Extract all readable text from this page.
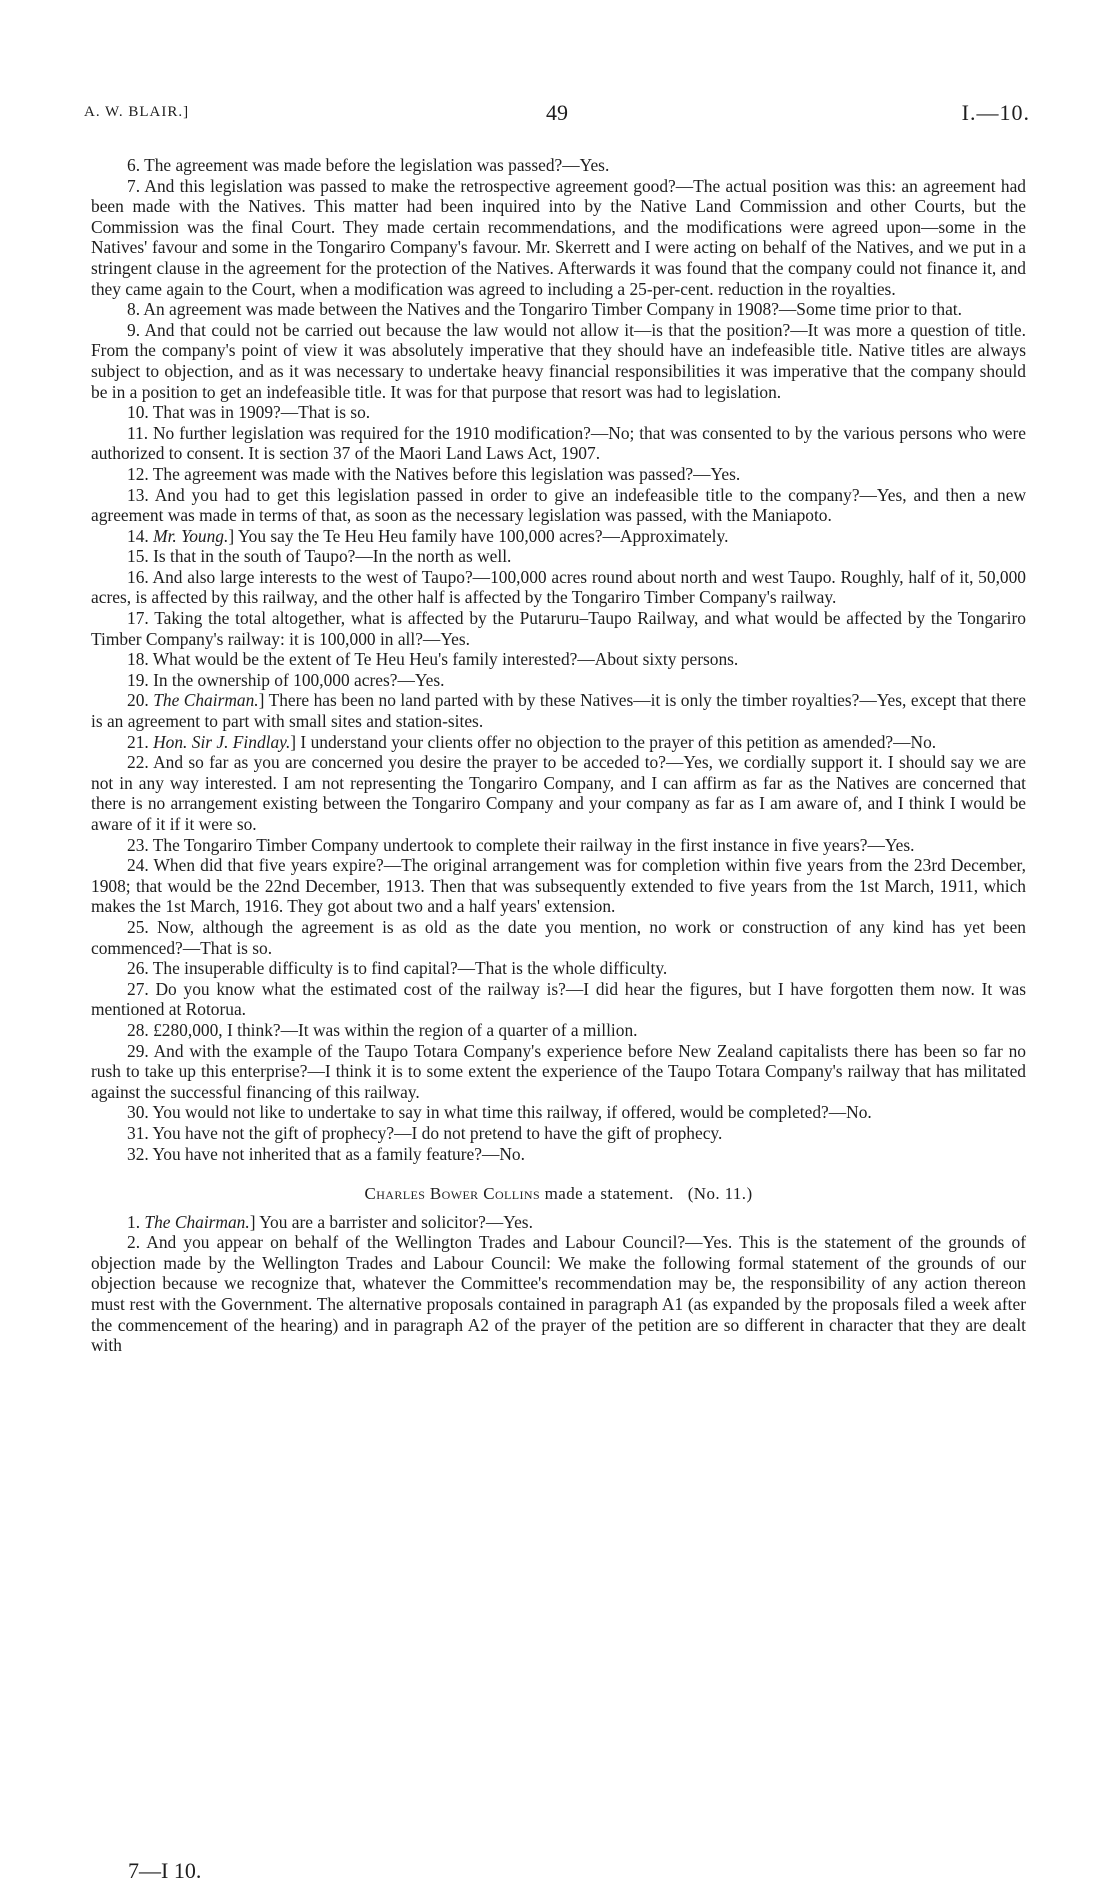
A. W. BLAIR.]	49	I.—10.

6. The agreement was made before the legislation was passed?—Yes.

7. And this legislation was passed to make the retrospective agreement good?—The actual position was this: an agreement had been made with the Natives. This matter had been inquired into by the Native Land Commission and other Courts, but the Commission was the final Court. They made certain recommendations, and the modifications were agreed upon—some in the Natives' favour and some in the Tongariro Company's favour. Mr. Skerrett and I were acting on behalf of the Natives, and we put in a stringent clause in the agreement for the protection of the Natives. Afterwards it was found that the company could not finance it, and they came again to the Court, when a modification was agreed to including a 25-per-cent. reduction in the royalties.

8. An agreement was made between the Natives and the Tongariro Timber Company in 1908?—Some time prior to that.

9. And that could not be carried out because the law would not allow it—is that the position?—It was more a question of title. From the company's point of view it was absolutely imperative that they should have an indefeasible title. Native titles are always subject to objection, and as it was necessary to undertake heavy financial responsibilities it was imperative that the company should be in a position to get an indefeasible title. It was for that purpose that resort was had to legislation.

10. That was in 1909?—That is so.

11. No further legislation was required for the 1910 modification?—No; that was consented to by the various persons who were authorized to consent. It is section 37 of the Maori Land Laws Act, 1907.

12. The agreement was made with the Natives before this legislation was passed?—Yes.

13. And you had to get this legislation passed in order to give an indefeasible title to the company?—Yes, and then a new agreement was made in terms of that, as soon as the necessary legislation was passed, with the Maniapoto.

14. Mr. Young.] You say the Te Heu Heu family have 100,000 acres?—Approximately.

15. Is that in the south of Taupo?—In the north as well.

16. And also large interests to the west of Taupo?—100,000 acres round about north and west Taupo. Roughly, half of it, 50,000 acres, is affected by this railway, and the other half is affected by the Tongariro Timber Company's railway.

17. Taking the total altogether, what is affected by the Putaruru–Taupo Railway, and what would be affected by the Tongariro Timber Company's railway: it is 100,000 in all?—Yes.

18. What would be the extent of Te Heu Heu's family interested?—About sixty persons.

19. In the ownership of 100,000 acres?—Yes.

20. The Chairman.] There has been no land parted with by these Natives—it is only the timber royalties?—Yes, except that there is an agreement to part with small sites and station-sites.

21. Hon. Sir J. Findlay.] I understand your clients offer no objection to the prayer of this petition as amended?—No.

22. And so far as you are concerned you desire the prayer to be acceded to?—Yes, we cordially support it. I should say we are not in any way interested. I am not representing the Tongariro Company, and I can affirm as far as the Natives are concerned that there is no arrangement existing between the Tongariro Company and your company as far as I am aware of, and I think I would be aware of it if it were so.

23. The Tongariro Timber Company undertook to complete their railway in the first instance in five years?—Yes.

24. When did that five years expire?—The original arrangement was for completion within five years from the 23rd December, 1908; that would be the 22nd December, 1913. Then that was subsequently extended to five years from the 1st March, 1911, which makes the 1st March, 1916. They got about two and a half years' extension.

25. Now, although the agreement is as old as the date you mention, no work or construction of any kind has yet been commenced?—That is so.

26. The insuperable difficulty is to find capital?—That is the whole difficulty.

27. Do you know what the estimated cost of the railway is?—I did hear the figures, but I have forgotten them now. It was mentioned at Rotorua.

28. £280,000, I think?—It was within the region of a quarter of a million.

29. And with the example of the Taupo Totara Company's experience before New Zealand capitalists there has been so far no rush to take up this enterprise?—I think it is to some extent the experience of the Taupo Totara Company's railway that has militated against the successful financing of this railway.

30. You would not like to undertake to say in what time this railway, if offered, would be completed?—No.

31. You have not the gift of prophecy?—I do not pretend to have the gift of prophecy.

32. You have not inherited that as a family feature?—No.

Charles Bower Collins made a statement. (No. 11.)

1. The Chairman.] You are a barrister and solicitor?—Yes.

2. And you appear on behalf of the Wellington Trades and Labour Council?—Yes. This is the statement of the grounds of objection made by the Wellington Trades and Labour Council: We make the following formal statement of the grounds of our objection because we recognize that, whatever the Committee's recommendation may be, the responsibility of any action thereon must rest with the Government. The alternative proposals contained in paragraph A1 (as expanded by the proposals filed a week after the commencement of the hearing) and in paragraph A2 of the prayer of the petition are so different in character that they are dealt with

7—I 10.
